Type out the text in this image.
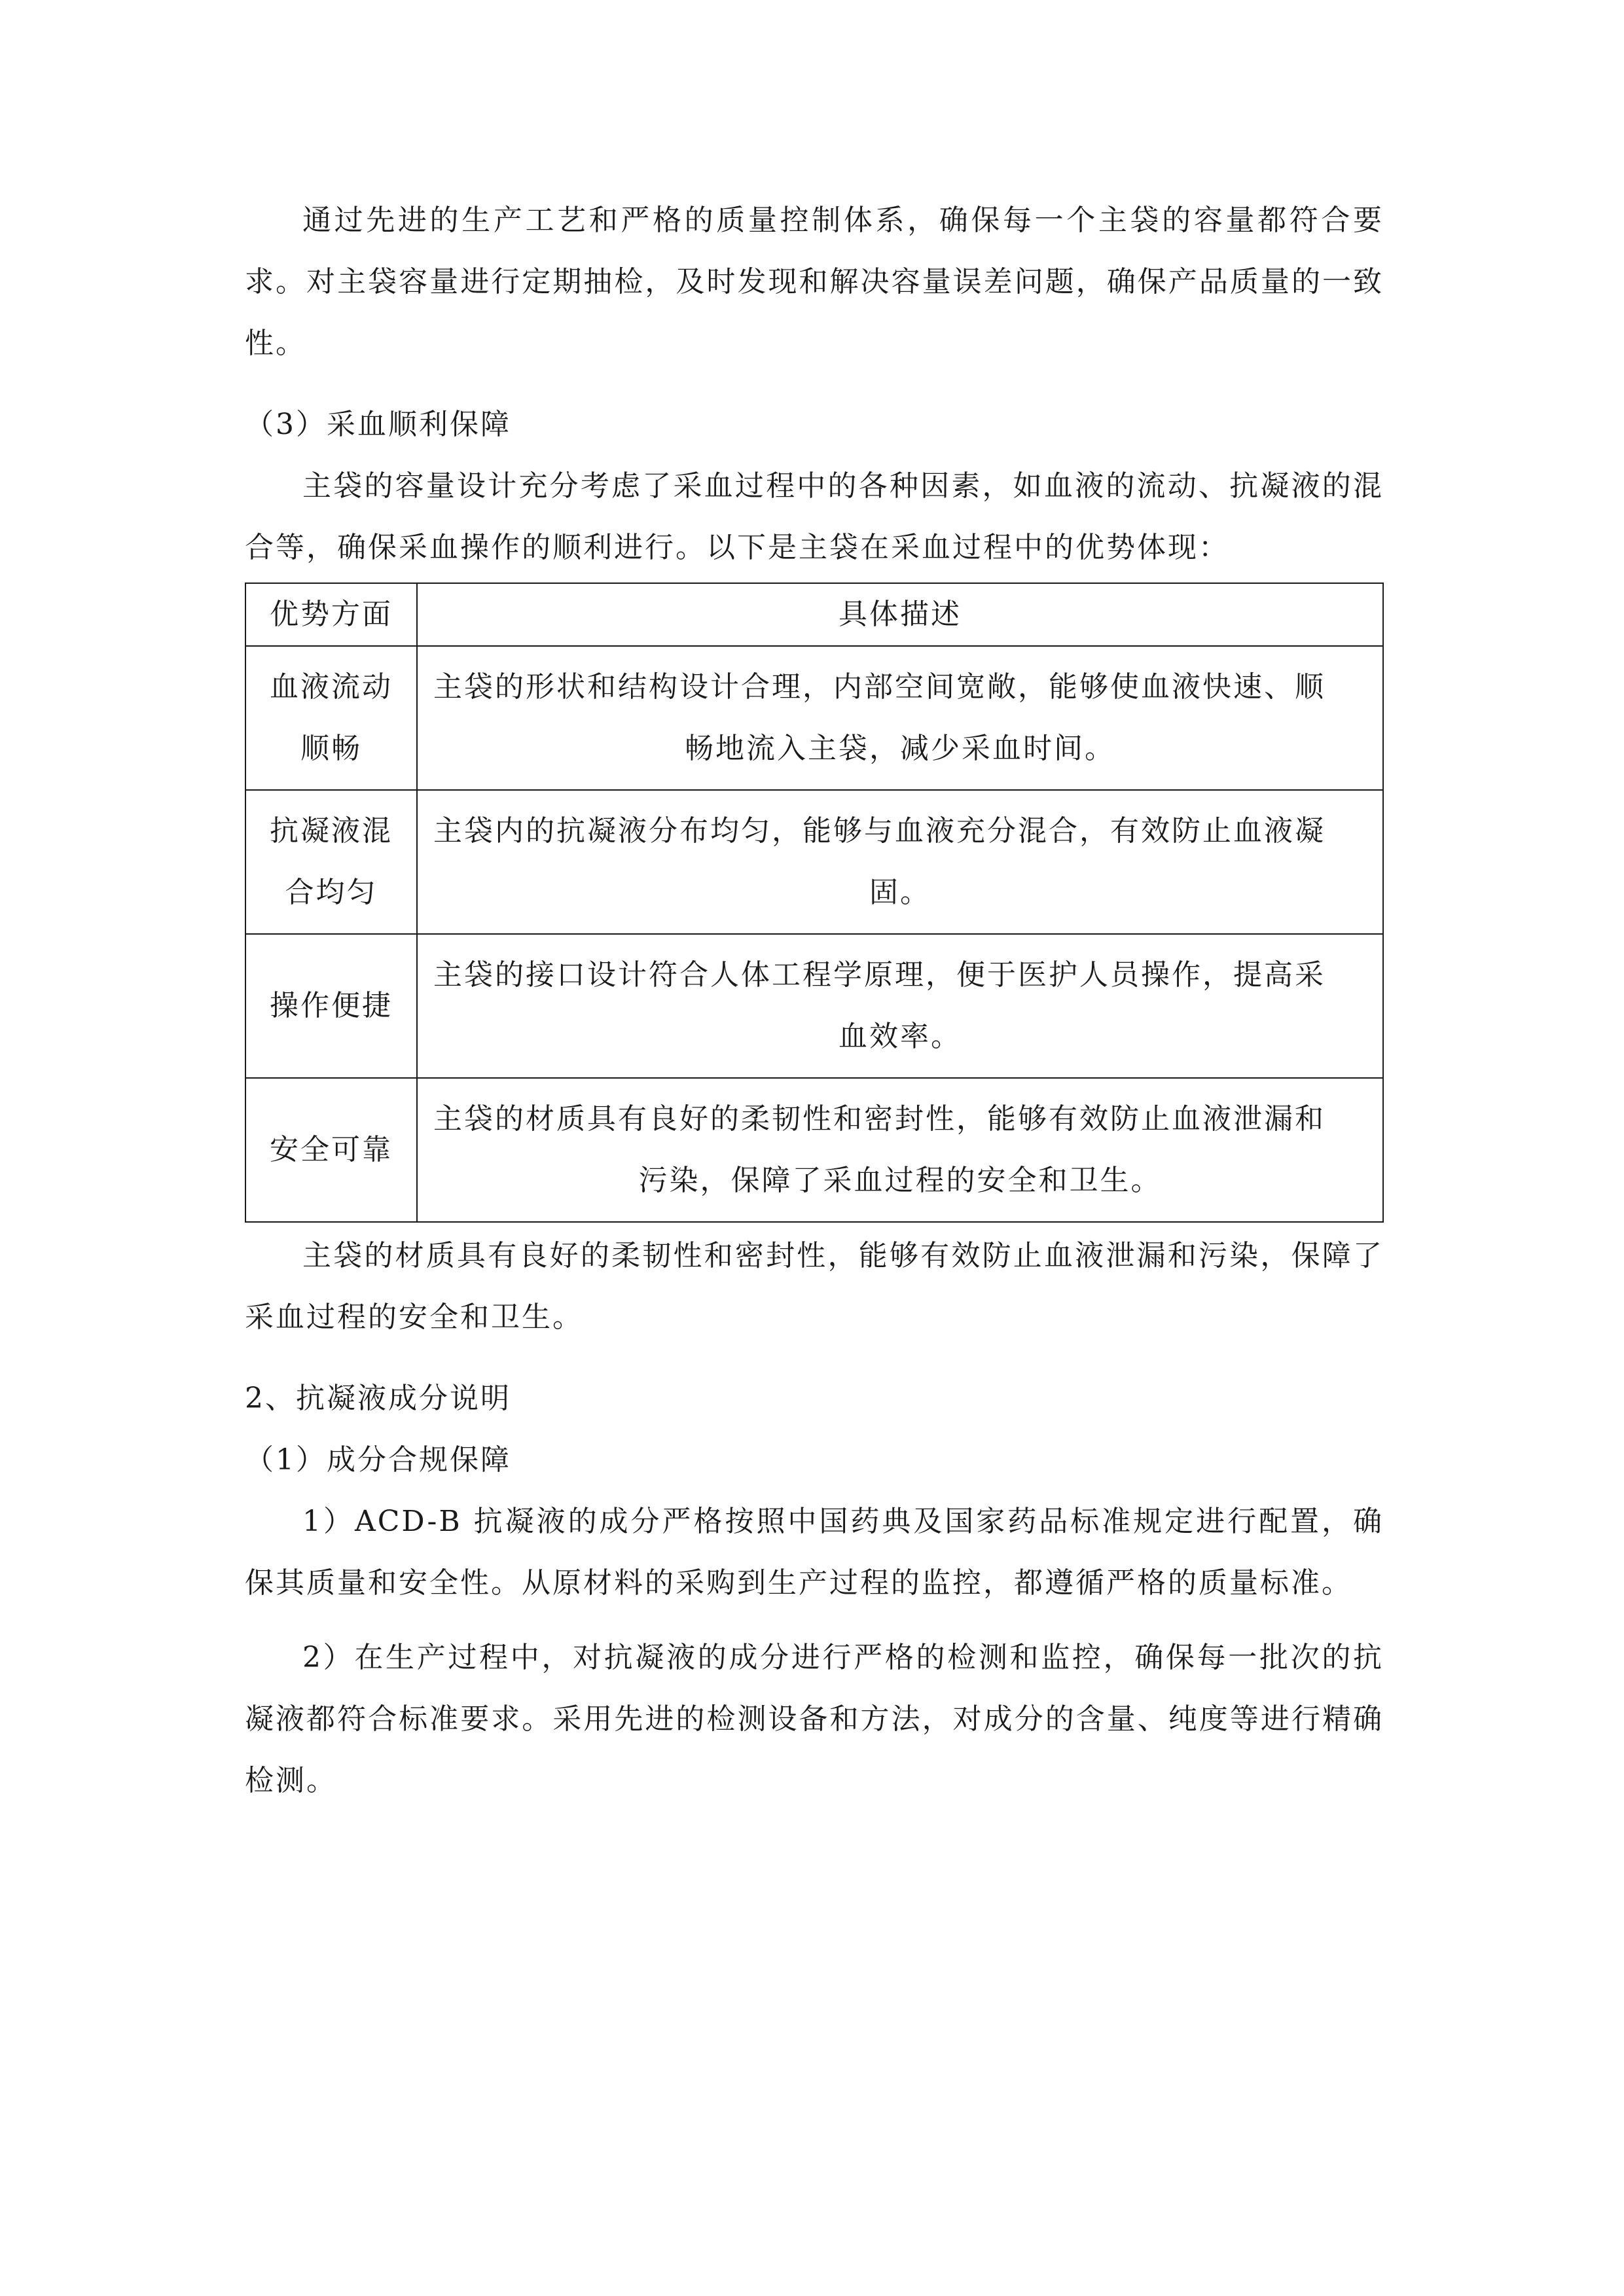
通过先进的生产工艺和严格的质量控制体系，确保每一个主袋的容量都符合要求。对主袋容量进行定期抽检，及时发现和解决容量误差问题，确保产品质量的一致性。

（3）采血顺利保障

主袋的容量设计充分考虑了采血过程中的各种因素，如血液的流动、抗凝液的混合等，确保采血操作的顺利进行。以下是主袋在采血过程中的优势体现：

优势方面	具体描述
血液流动
顺畅	主袋的形状和结构设计合理，内部空间宽敞，能够使血液快速、顺
畅地流入主袋，减少采血时间。

抗凝液混
合均匀	主袋内的抗凝液分布均匀，能够与血液充分混合，有效防止血液凝
固。

操作便捷	主袋的接口设计符合人体工程学原理，便于医护人员操作，提高采
血效率。

安全可靠	主袋的材质具有良好的柔韧性和密封性，能够有效防止血液泄漏和
污染，保障了采血过程的安全和卫生。

主袋的材质具有良好的柔韧性和密封性，能够有效防止血液泄漏和污染，保障了采血过程的安全和卫生。

2、抗凝液成分说明

（1）成分合规保障

1）ACD-B 抗凝液的成分严格按照中国药典及国家药品标准规定进行配置，确保其质量和安全性。从原材料的采购到生产过程的监控，都遵循严格的质量标准。

2）在生产过程中，对抗凝液的成分进行严格的检测和监控，确保每一批次的抗凝液都符合标准要求。采用先进的检测设备和方法，对成分的含量、纯度等进行精确检测。
